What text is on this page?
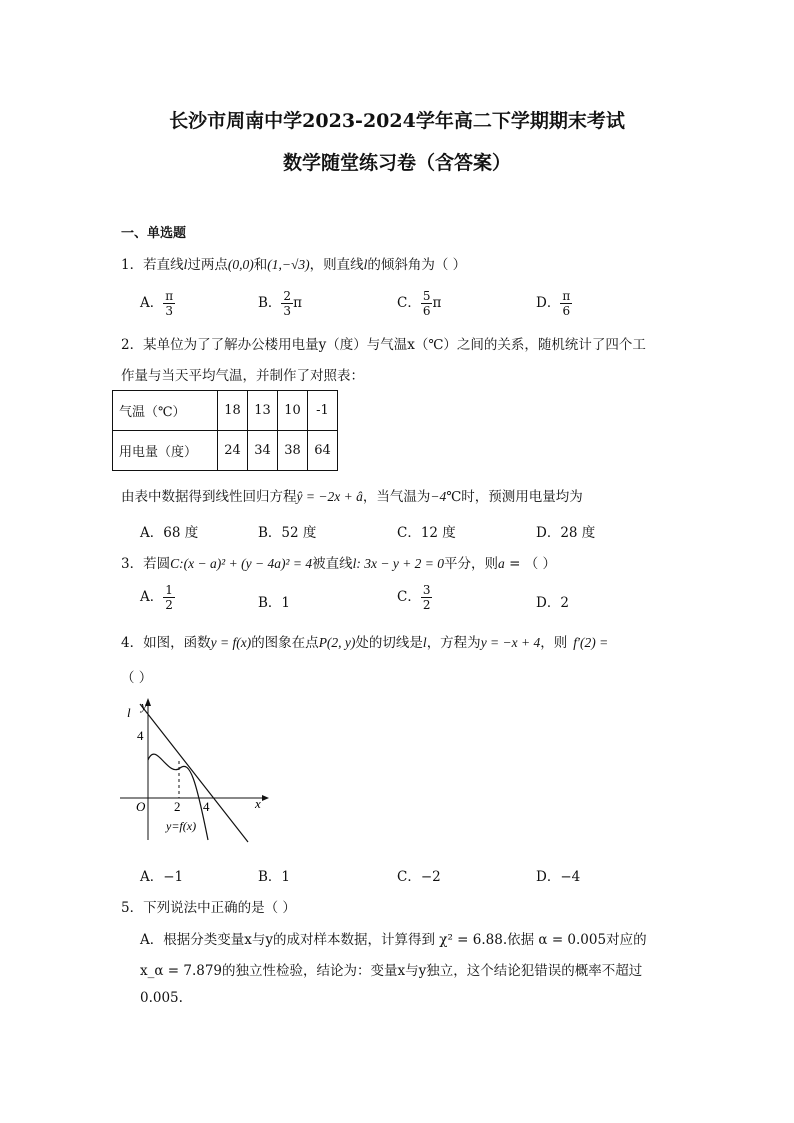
长沙市周南中学2023-2024学年高二下学期期末考试
数学随堂练习卷（含答案）
一、单选题
1．若直线l过两点(0,0)和(1,−√3)，则直线l的倾斜角为（ ）
A． $\frac{\pi}{3}$	B． $\frac{2}{3}$ π	C． $\frac{5}{6}$ π	D． $\frac{\pi}{6}$
2．某单位为了了解办公楼用电量y（度）与气温x（℃）之间的关系，随机统计了四个工
作量与当天平均气温，并制作了对照表：
气温（℃）	18	13	10	-1
用电量（度）	24	34	38	64
由表中数据得到线性回归方程ŷ = −2x + â，当气温为−4℃时，预测用电量均为
A．68 度	B．52 度	C．12 度	D．28 度
3．若圆C:(x − a)² + (y − 4a)² = 4被直线l: 3x − y + 2 = 0平分，则a = （ ）
A． $\frac{1}{2}$	B．1	C． $\frac{3}{2}$	D．2
4．如图，函数y = f(x)的图象在点P(2, y)处的切线是l，方程为y = −x + 4，则 f′(2) =
（ ）
l y
x
O 2 4
4
y=f(x)
A．−1	B．1	C．−2	D．−4
5．下列说法中正确的是（ ）
A．根据分类变量x与y的成对样本数据，计算得到 χ² = 6.88.依据 α = 0.005对应的
x_α = 7.879的独立性检验，结论为：变量x与y独立，这个结论犯错误的概率不超过
0.005.
